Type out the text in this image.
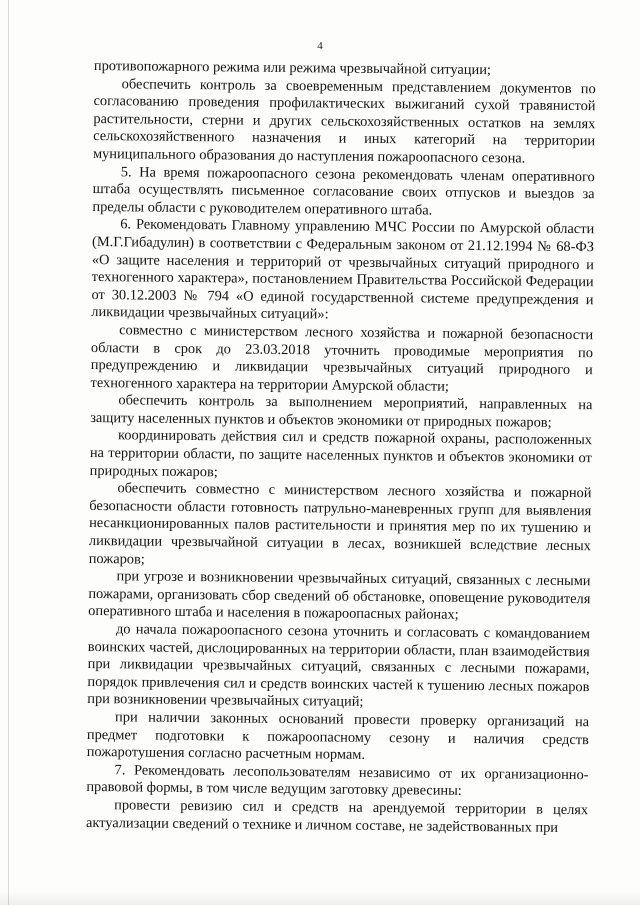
4

противопожарного режима или режима чрезвычайной ситуации;

обеспечить контроль за своевременным представлением документов по согласованию проведения профилактических выжиганий сухой травянистой растительности, стерни и других сельскохозяйственных остатков на землях сельскохозяйственного назначения и иных категорий на территории муниципального образования до наступления пожароопасного сезона.

5. На время пожароопасного сезона рекомендовать членам оперативного штаба осуществлять письменное согласование своих отпусков и выездов за пределы области с руководителем оперативного штаба.

6. Рекомендовать Главному управлению МЧС России по Амурской области (М.Г.Гибадулин) в соответствии с Федеральным законом от 21.12.1994 № 68-ФЗ «О защите населения и территорий от чрезвычайных ситуаций природного и техногенного характера», постановлением Правительства Российской Федерации от 30.12.2003 № 794 «О единой государственной системе предупреждения и ликвидации чрезвычайных ситуаций»:

совместно с министерством лесного хозяйства и пожарной безопасности области в срок до 23.03.2018 уточнить проводимые мероприятия по предупреждению и ликвидации чрезвычайных ситуаций природного и техногенного характера на территории Амурской области;

обеспечить контроль за выполнением мероприятий, направленных на защиту населенных пунктов и объектов экономики от природных пожаров;

координировать действия сил и средств пожарной охраны, расположенных на территории области, по защите населенных пунктов и объектов экономики от природных пожаров;

обеспечить совместно с министерством лесного хозяйства и пожарной безопасности области готовность патрульно-маневренных групп для выявления несанкционированных палов растительности и принятия мер по их тушению и ликвидации чрезвычайной ситуации в лесах, возникшей вследствие лесных пожаров;

при угрозе и возникновении чрезвычайных ситуаций, связанных с лесными пожарами, организовать сбор сведений об обстановке, оповещение руководителя оперативного штаба и населения в пожароопасных районах;

до начала пожароопасного сезона уточнить и согласовать с командованием воинских частей, дислоцированных на территории области, план взаимодействия при ликвидации чрезвычайных ситуаций, связанных с лесными пожарами, порядок привлечения сил и средств воинских частей к тушению лесных пожаров при возникновении чрезвычайных ситуаций;

при наличии законных оснований провести проверку организаций на предмет подготовки к пожароопасному сезону и наличия средств пожаротушения согласно расчетным нормам.

7. Рекомендовать лесопользователям независимо от их организационно-правовой формы, в том числе ведущим заготовку древесины:

провести ревизию сил и средств на арендуемой территории в целях актуализации сведений о технике и личном составе, не задействованных при
